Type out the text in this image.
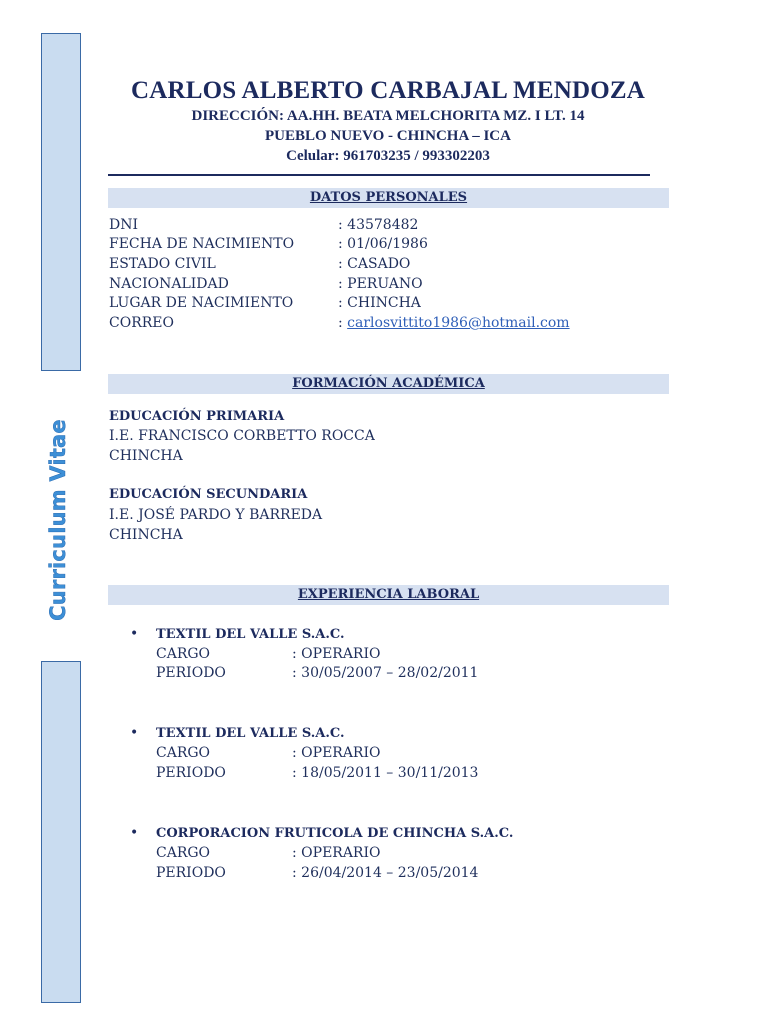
Curriculum Vitae
CARLOS ALBERTO CARBAJAL MENDOZA
DIRECCIÓN: AA.HH. BEATA MELCHORITA MZ. I LT. 14
PUEBLO NUEVO - CHINCHA – ICA
Celular: 961703235 / 993302203
DATOS PERSONALES
DNI	: 43578482
FECHA DE NACIMIENTO	: 01/06/1986
ESTADO CIVIL	: CASADO
NACIONALIDAD	: PERUANO
LUGAR DE NACIMIENTO	: CHINCHA
CORREO	: carlosvittito1986@hotmail.com
FORMACIÓN ACADÉMICA
EDUCACIÓN PRIMARIA
I.E. FRANCISCO CORBETTO ROCCA
CHINCHA
EDUCACIÓN SECUNDARIA
I.E. JOSÉ PARDO Y BARREDA
CHINCHA
EXPERIENCIA LABORAL
• TEXTIL DEL VALLE S.A.C.
CARGO	: OPERARIO
PERIODO	: 30/05/2007 – 28/02/2011
• TEXTIL DEL VALLE S.A.C.
CARGO	: OPERARIO
PERIODO	: 18/05/2011 – 30/11/2013
• CORPORACION FRUTICOLA DE CHINCHA S.A.C.
CARGO	: OPERARIO
PERIODO	: 26/04/2014 – 23/05/2014
